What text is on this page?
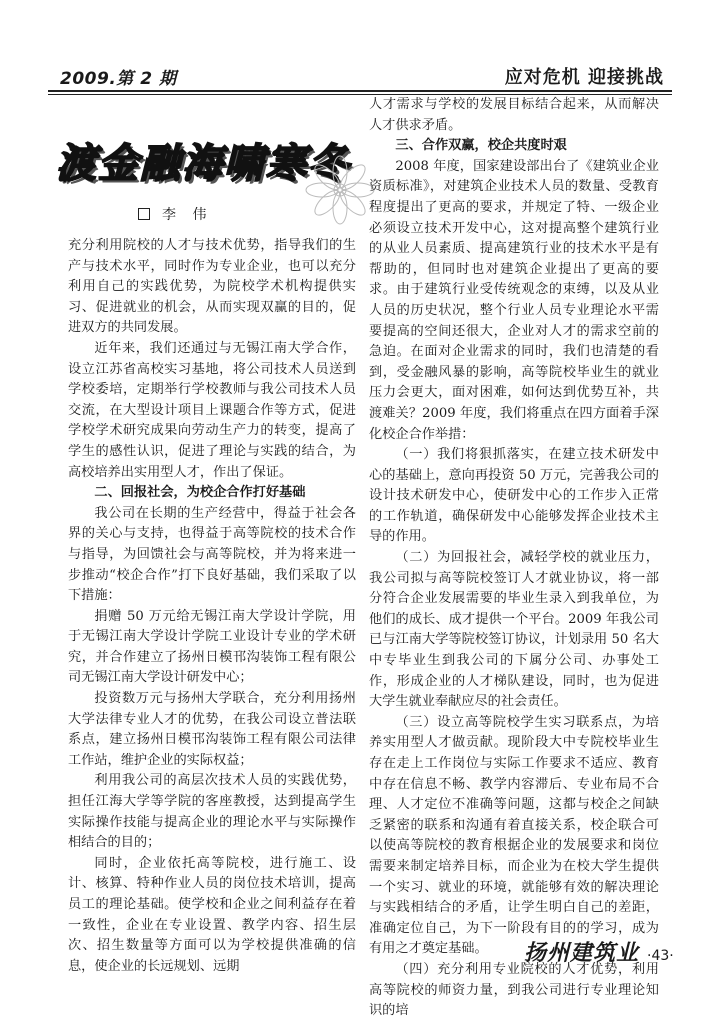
2009.第 2 期	应对危机 迎接挑战
渡金融海啸寒冬
李 伟

充分利用院校的人才与技术优势，指导我们的生产与技术水平，同时作为专业企业，也可以充分利用自己的实践优势，为院校学术机构提供实习、促进就业的机会，从而实现双赢的目的，促进双方的共同发展。

近年来，我们还通过与无锡江南大学合作，设立江苏省高校实习基地，将公司技术人员送到学校委培，定期举行学校教师与我公司技术人员交流，在大型设计项目上课题合作等方式，促进学校学术研究成果向劳动生产力的转变，提高了学生的感性认识，促进了理论与实践的结合，为高校培养出实用型人才，作出了保证。

二、回报社会，为校企合作打好基础

我公司在长期的生产经营中，得益于社会各界的关心与支持，也得益于高等院校的技术合作与指导，为回馈社会与高等院校，并为将来进一步推动“校企合作”打下良好基础，我们采取了以下措施：

捐赠 50 万元给无锡江南大学设计学院，用于无锡江南大学设计学院工业设计专业的学术研究，并合作建立了扬州日模邗沟装饰工程有限公司无锡江南大学设计研发中心；

投资数万元与扬州大学联合，充分利用扬州大学法律专业人才的优势，在我公司设立普法联系点，建立扬州日模邗沟装饰工程有限公司法律工作站，维护企业的实际权益；

利用我公司的高层次技术人员的实践优势，担任江海大学等学院的客座教授，达到提高学生实际操作技能与提高企业的理论水平与实际操作相结合的目的；

同时，企业依托高等院校，进行施工、设计、核算、特种作业人员的岗位技术培训，提高员工的理论基础。使学校和企业之间利益存在着一致性，企业在专业设置、教学内容、招生层次、招生数量等方面可以为学校提供准确的信息，使企业的长远规划、远期

人才需求与学校的发展目标结合起来，从而解决人才供求矛盾。

三、合作双赢，校企共度时艰

2008 年度，国家建设部出台了《建筑业企业资质标准》，对建筑企业技术人员的数量、受教育程度提出了更高的要求，并规定了特、一级企业必须设立技术开发中心，这对提高整个建筑行业的从业人员素质、提高建筑行业的技术水平是有帮助的，但同时也对建筑企业提出了更高的要求。由于建筑行业受传统观念的束缚，以及从业人员的历史状况，整个行业人员专业理论水平需要提高的空间还很大，企业对人才的需求空前的急迫。在面对企业需求的同时，我们也清楚的看到，受金融风暴的影响，高等院校毕业生的就业压力会更大，面对困难，如何达到优势互补，共渡难关？2009 年度，我们将重点在四方面着手深化校企合作举措：

（一）我们将狠抓落实，在建立技术研发中心的基础上，意向再投资 50 万元，完善我公司的设计技术研发中心，使研发中心的工作步入正常的工作轨道，确保研发中心能够发挥企业技术主导的作用。

（二）为回报社会，减轻学校的就业压力，我公司拟与高等院校签订人才就业协议，将一部分符合企业发展需要的毕业生录入到我单位，为他们的成长、成才提供一个平台。2009 年我公司已与江南大学等院校签订协议，计划录用 50 名大中专毕业生到我公司的下属分公司、办事处工作，形成企业的人才梯队建设，同时，也为促进大学生就业奉献应尽的社会责任。

（三）设立高等院校学生实习联系点，为培养实用型人才做贡献。现阶段大中专院校毕业生存在走上工作岗位与实际工作要求不适应、教育中存在信息不畅、教学内容滞后、专业布局不合理、人才定位不准确等问题，这都与校企之间缺乏紧密的联系和沟通有着直接关系，校企联合可以使高等院校的教育根据企业的发展要求和岗位需要来制定培养目标，而企业为在校大学生提供一个实习、就业的环境，就能够有效的解决理论与实践相结合的矛盾，让学生明白自己的差距，准确定位自己，为下一阶段有目的的学习，成为有用之才奠定基础。

（四）充分利用专业院校的人才优势，利用高等院校的师资力量，到我公司进行专业理论知识的培

扬州建筑业 ·43·
